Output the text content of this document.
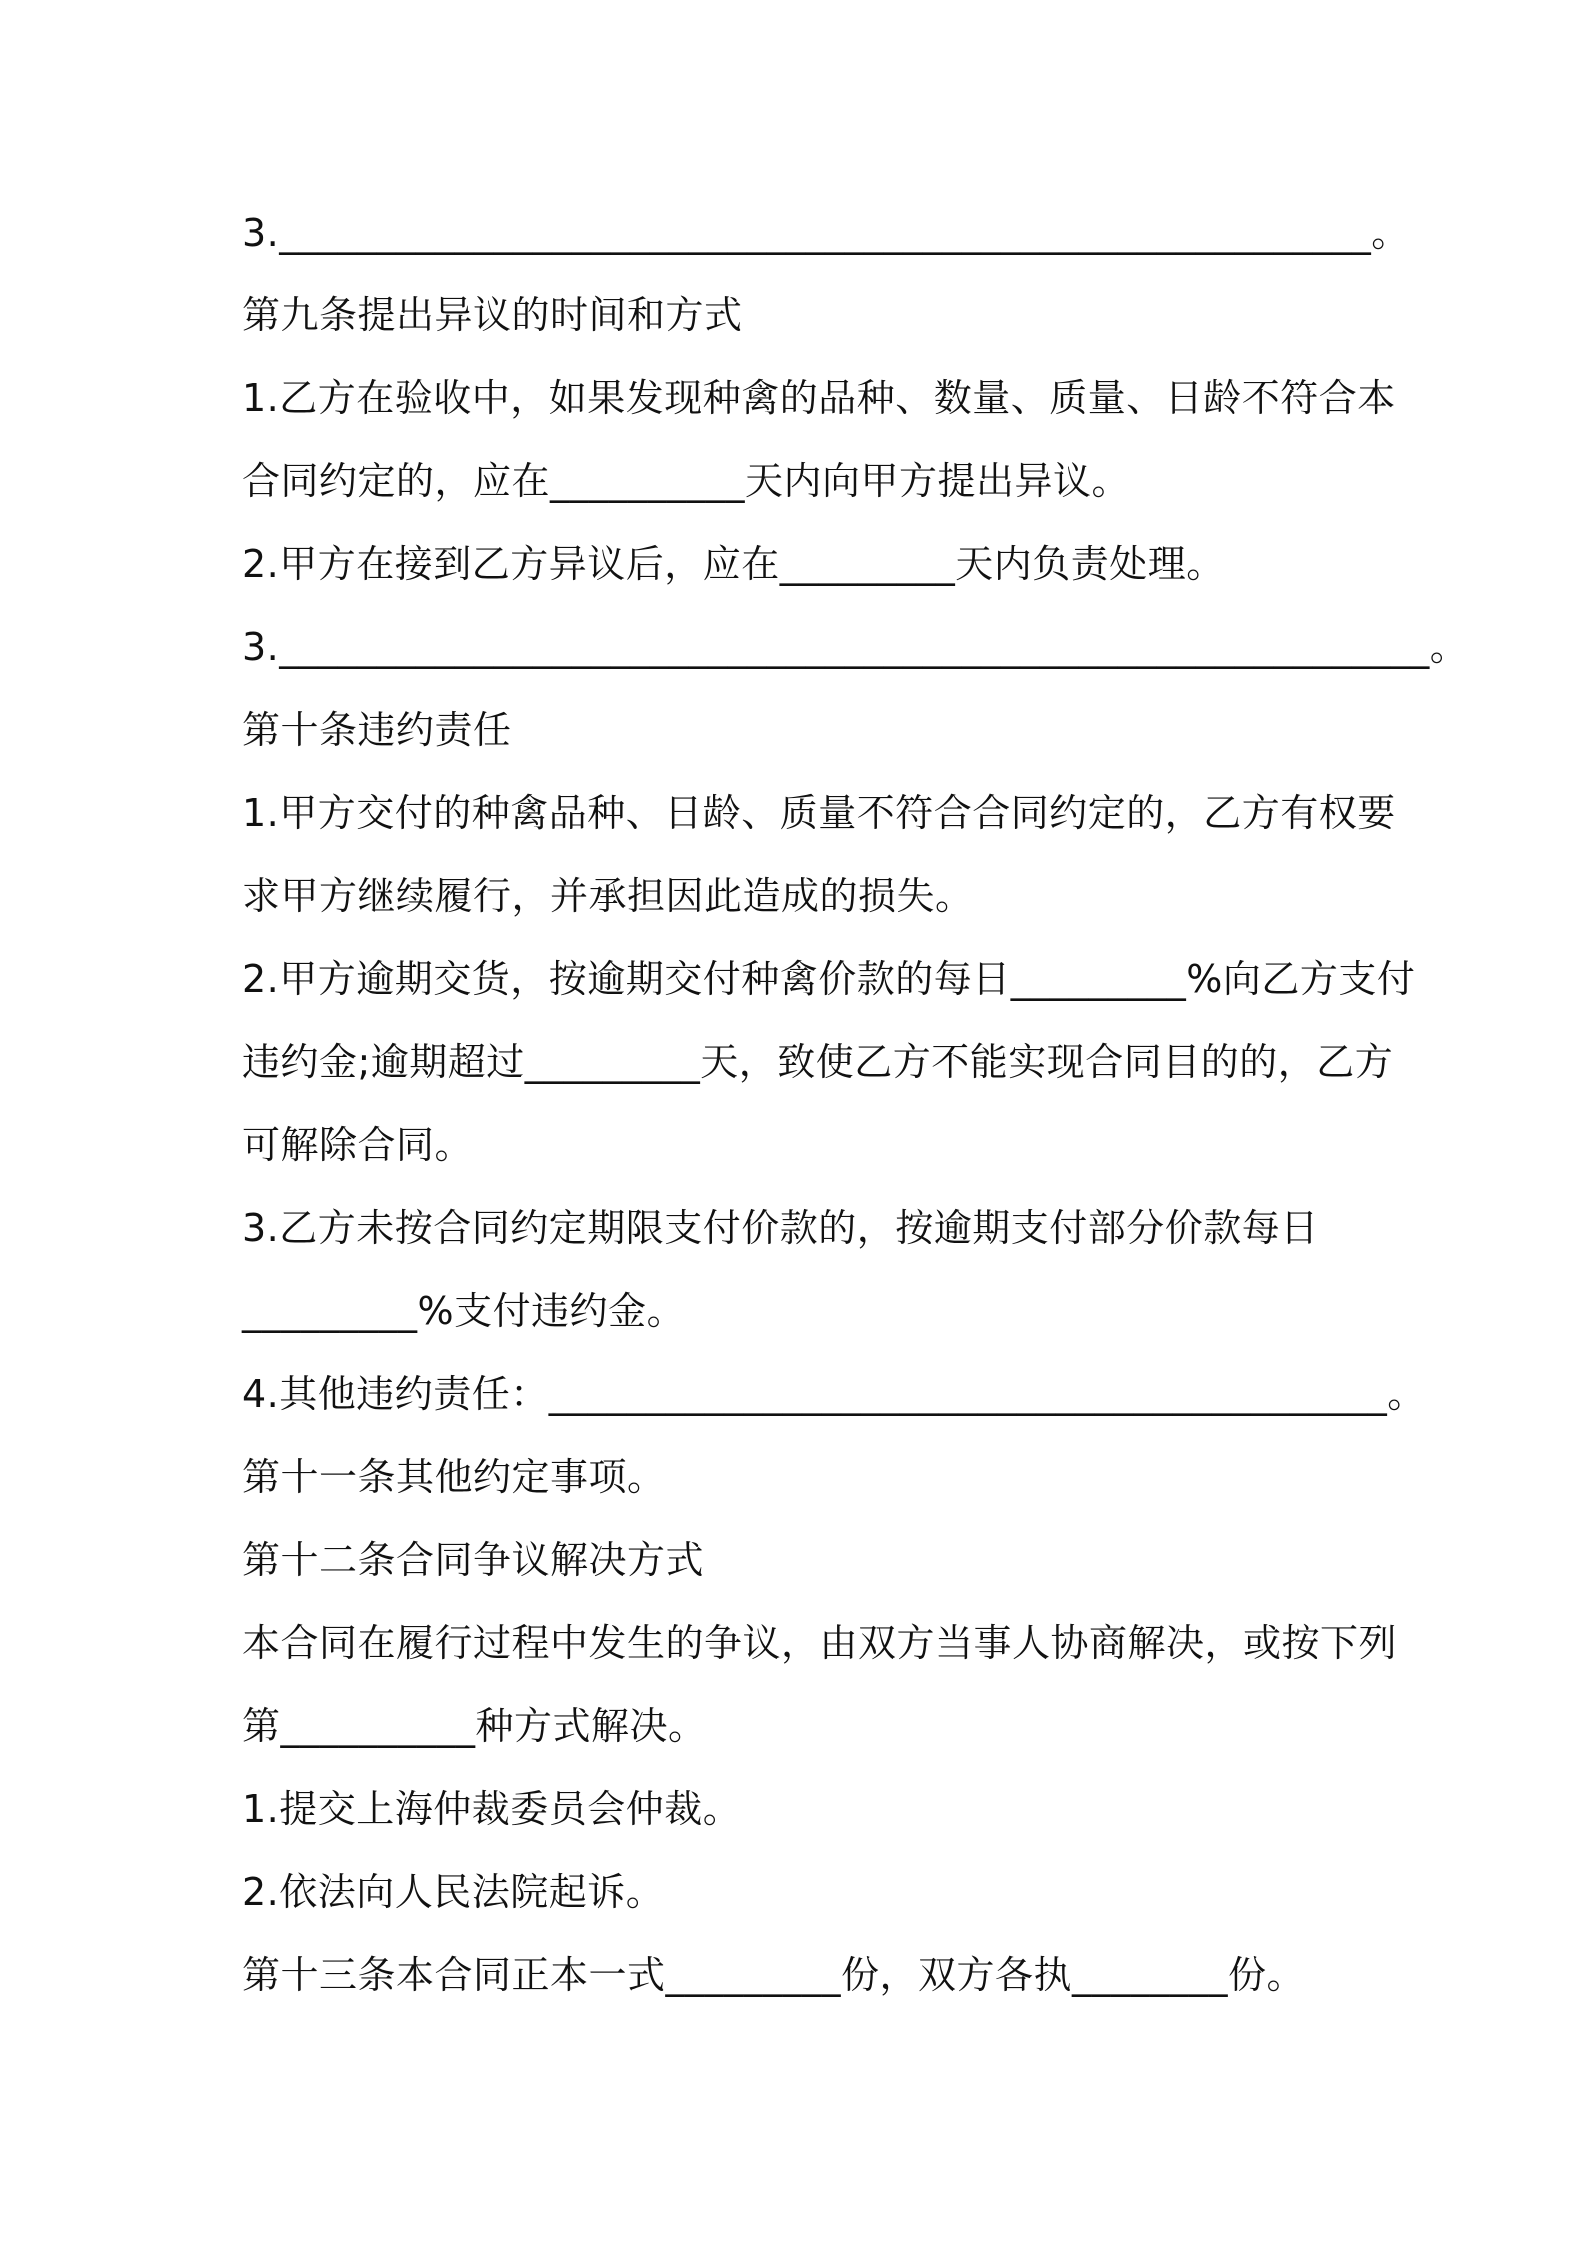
3.________________________________________________________。
第九条提出异议的时间和方式
1.乙方在验收中，如果发现种禽的品种、数量、质量、日龄不符合本
合同约定的，应在__________天内向甲方提出异议。
2.甲方在接到乙方异议后，应在_________天内负责处理。
3.___________________________________________________________。
第十条违约责任
1.甲方交付的种禽品种、日龄、质量不符合合同约定的，乙方有权要
求甲方继续履行，并承担因此造成的损失。
2.甲方逾期交货，按逾期交付种禽价款的每日_________%向乙方支付
违约金;逾期超过_________天，致使乙方不能实现合同目的的，乙方
可解除合同。
3.乙方未按合同约定期限支付价款的，按逾期支付部分价款每日
_________%支付违约金。
4.其他违约责任：___________________________________________。
第十一条其他约定事项。
第十二条合同争议解决方式
本合同在履行过程中发生的争议，由双方当事人协商解决，或按下列
第__________种方式解决。
1.提交上海仲裁委员会仲裁。
2.依法向人民法院起诉。
第十三条本合同正本一式_________份，双方各执________份。
